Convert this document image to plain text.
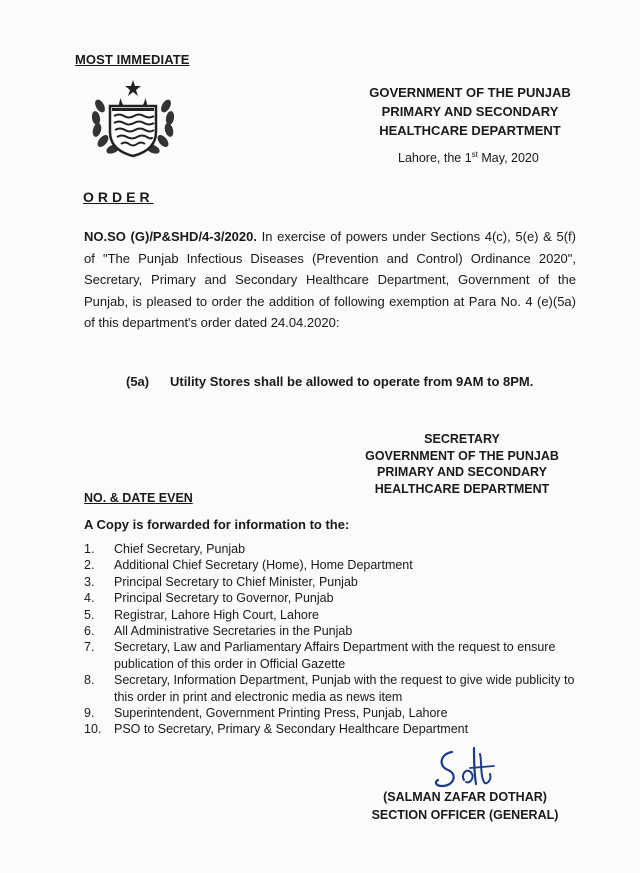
MOST IMMEDIATE
GOVERNMENT OF THE PUNJAB
PRIMARY AND SECONDARY
HEALTHCARE DEPARTMENT
Lahore, the 1st May, 2020
ORDER
NO.SO (G)/P&SHD/4-3/2020. In exercise of powers under Sections 4(c), 5(e) & 5(f) of "The Punjab Infectious Diseases (Prevention and Control) Ordinance 2020", Secretary, Primary and Secondary Healthcare Department, Government of the Punjab, is pleased to order the addition of following exemption at Para No. 4 (e)(5a) of this department's order dated 24.04.2020:
(5a) Utility Stores shall be allowed to operate from 9AM to 8PM.
SECRETARY
GOVERNMENT OF THE PUNJAB
PRIMARY AND SECONDARY
HEALTHCARE DEPARTMENT
NO. & DATE EVEN
A Copy is forwarded for information to the:
1. Chief Secretary, Punjab
2. Additional Chief Secretary (Home), Home Department
3. Principal Secretary to Chief Minister, Punjab
4. Principal Secretary to Governor, Punjab
5. Registrar, Lahore High Court, Lahore
6. All Administrative Secretaries in the Punjab
7. Secretary, Law and Parliamentary Affairs Department with the request to ensure publication of this order in Official Gazette
8. Secretary, Information Department, Punjab with the request to give wide publicity to this order in print and electronic media as news item
9. Superintendent, Government Printing Press, Punjab, Lahore
10. PSO to Secretary, Primary & Secondary Healthcare Department
(SALMAN ZAFAR DOTHAR)
SECTION OFFICER (GENERAL)
